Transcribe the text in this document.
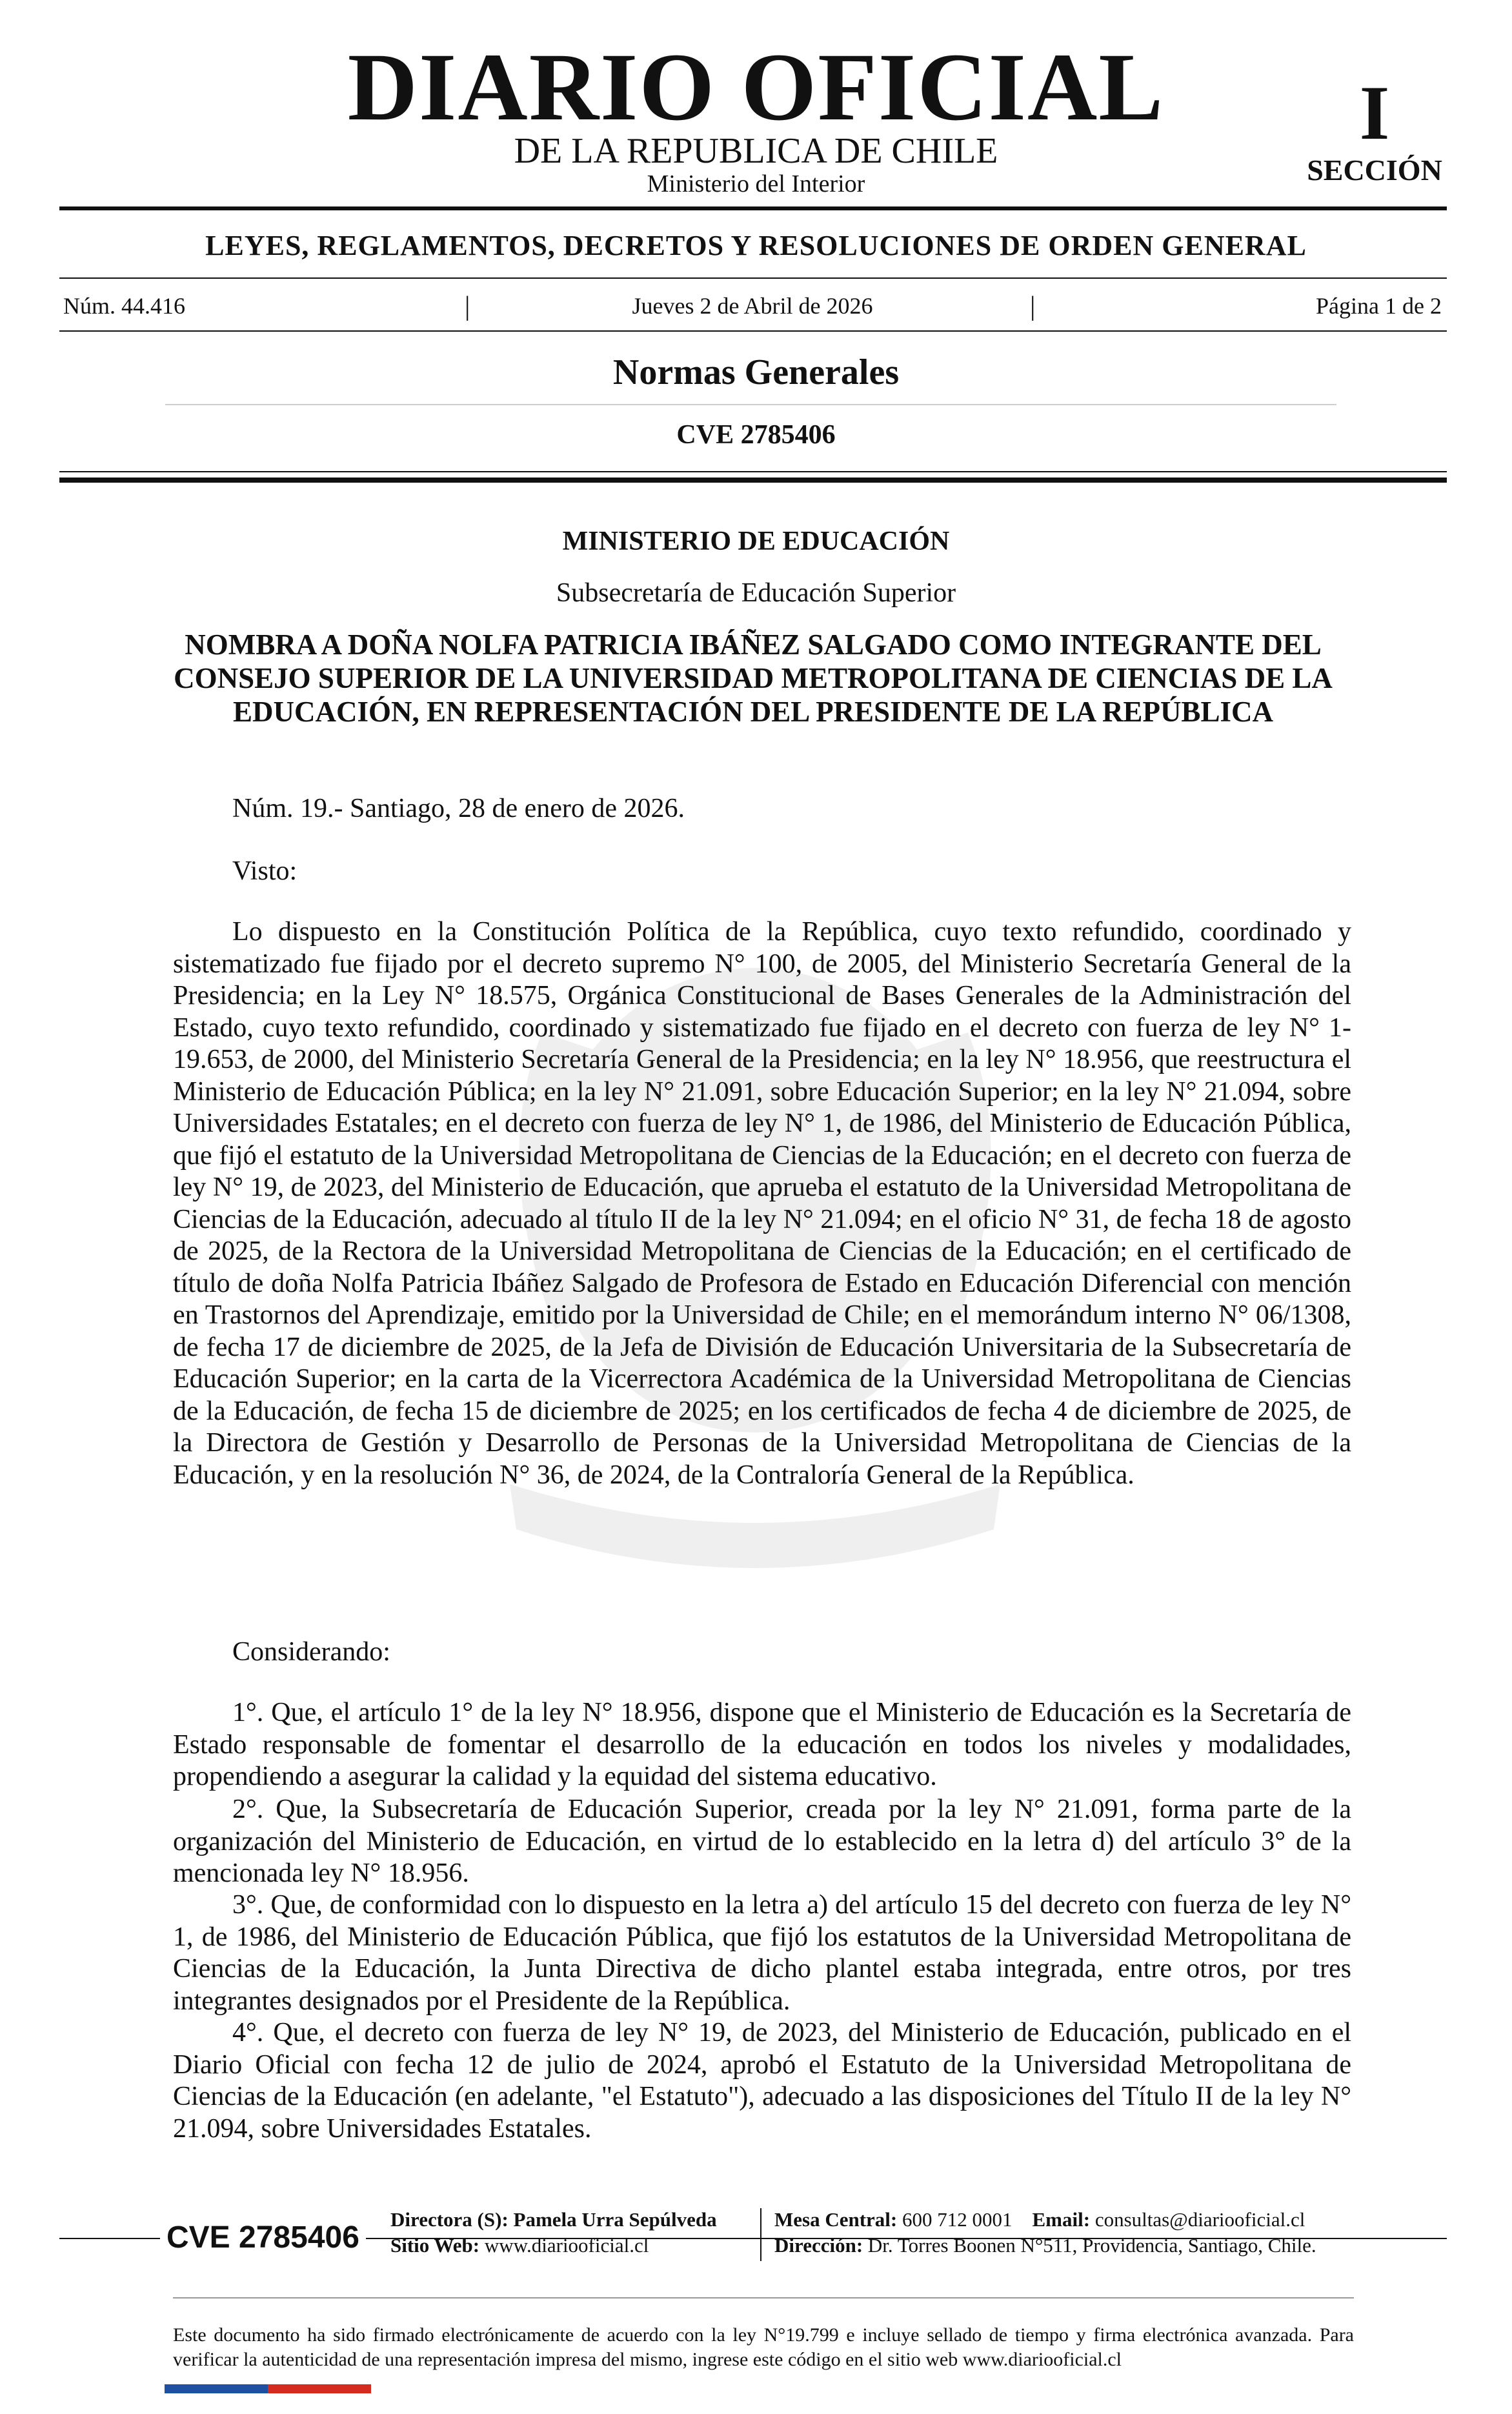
DIARIO OFICIAL
DE LA REPUBLICA DE CHILE
Ministerio del Interior
I
SECCIÓN
LEYES, REGLAMENTOS, DECRETOS Y RESOLUCIONES DE ORDEN GENERAL
Núm. 44.416	|	Jueves 2 de Abril de 2026	|	Página 1 de 2
Normas Generales
CVE 2785406
MINISTERIO DE EDUCACIÓN
Subsecretaría de Educación Superior
NOMBRA A DOÑA NOLFA PATRICIA IBÁÑEZ SALGADO COMO INTEGRANTE DEL CONSEJO SUPERIOR DE LA UNIVERSIDAD METROPOLITANA DE CIENCIAS DE LA EDUCACIÓN, EN REPRESENTACIÓN DEL PRESIDENTE DE LA REPÚBLICA
Núm. 19.- Santiago, 28 de enero de 2026.
Visto:
Lo dispuesto en la Constitución Política de la República, cuyo texto refundido, coordinado y sistematizado fue fijado por el decreto supremo N° 100, de 2005, del Ministerio Secretaría General de la Presidencia; en la Ley N° 18.575, Orgánica Constitucional de Bases Generales de la Administración del Estado, cuyo texto refundido, coordinado y sistematizado fue fijado en el decreto con fuerza de ley N° 1-19.653, de 2000, del Ministerio Secretaría General de la Presidencia; en la ley N° 18.956, que reestructura el Ministerio de Educación Pública; en la ley N° 21.091, sobre Educación Superior; en la ley N° 21.094, sobre Universidades Estatales; en el decreto con fuerza de ley N° 1, de 1986, del Ministerio de Educación Pública, que fijó el estatuto de la Universidad Metropolitana de Ciencias de la Educación; en el decreto con fuerza de ley N° 19, de 2023, del Ministerio de Educación, que aprueba el estatuto de la Universidad Metropolitana de Ciencias de la Educación, adecuado al título II de la ley N° 21.094; en el oficio N° 31, de fecha 18 de agosto de 2025, de la Rectora de la Universidad Metropolitana de Ciencias de la Educación; en el certificado de título de doña Nolfa Patricia Ibáñez Salgado de Profesora de Estado en Educación Diferencial con mención en Trastornos del Aprendizaje, emitido por la Universidad de Chile; en el memorándum interno N° 06/1308, de fecha 17 de diciembre de 2025, de la Jefa de División de Educación Universitaria de la Subsecretaría de Educación Superior; en la carta de la Vicerrectora Académica de la Universidad Metropolitana de Ciencias de la Educación, de fecha 15 de diciembre de 2025; en los certificados de fecha 4 de diciembre de 2025, de la Directora de Gestión y Desarrollo de Personas de la Universidad Metropolitana de Ciencias de la Educación, y en la resolución N° 36, de 2024, de la Contraloría General de la República.
Considerando:
1°. Que, el artículo 1° de la ley N° 18.956, dispone que el Ministerio de Educación es la Secretaría de Estado responsable de fomentar el desarrollo de la educación en todos los niveles y modalidades, propendiendo a asegurar la calidad y la equidad del sistema educativo.
2°. Que, la Subsecretaría de Educación Superior, creada por la ley N° 21.091, forma parte de la organización del Ministerio de Educación, en virtud de lo establecido en la letra d) del artículo 3° de la mencionada ley N° 18.956.
3°. Que, de conformidad con lo dispuesto en la letra a) del artículo 15 del decreto con fuerza de ley N° 1, de 1986, del Ministerio de Educación Pública, que fijó los estatutos de la Universidad Metropolitana de Ciencias de la Educación, la Junta Directiva de dicho plantel estaba integrada, entre otros, por tres integrantes designados por el Presidente de la República.
4°. Que, el decreto con fuerza de ley N° 19, de 2023, del Ministerio de Educación, publicado en el Diario Oficial con fecha 12 de julio de 2024, aprobó el Estatuto de la Universidad Metropolitana de Ciencias de la Educación (en adelante, "el Estatuto"), adecuado a las disposiciones del Título II de la ley N° 21.094, sobre Universidades Estatales.
CVE 2785406
Directora (S): Pamela Urra Sepúlveda
Sitio Web: www.diariooficial.cl
Mesa Central: 600 712 0001 Email: consultas@diariooficial.cl
Dirección: Dr. Torres Boonen N°511, Providencia, Santiago, Chile.
Este documento ha sido firmado electrónicamente de acuerdo con la ley N°19.799 e incluye sellado de tiempo y firma electrónica avanzada. Para verificar la autenticidad de una representación impresa del mismo, ingrese este código en el sitio web www.diariooficial.cl
